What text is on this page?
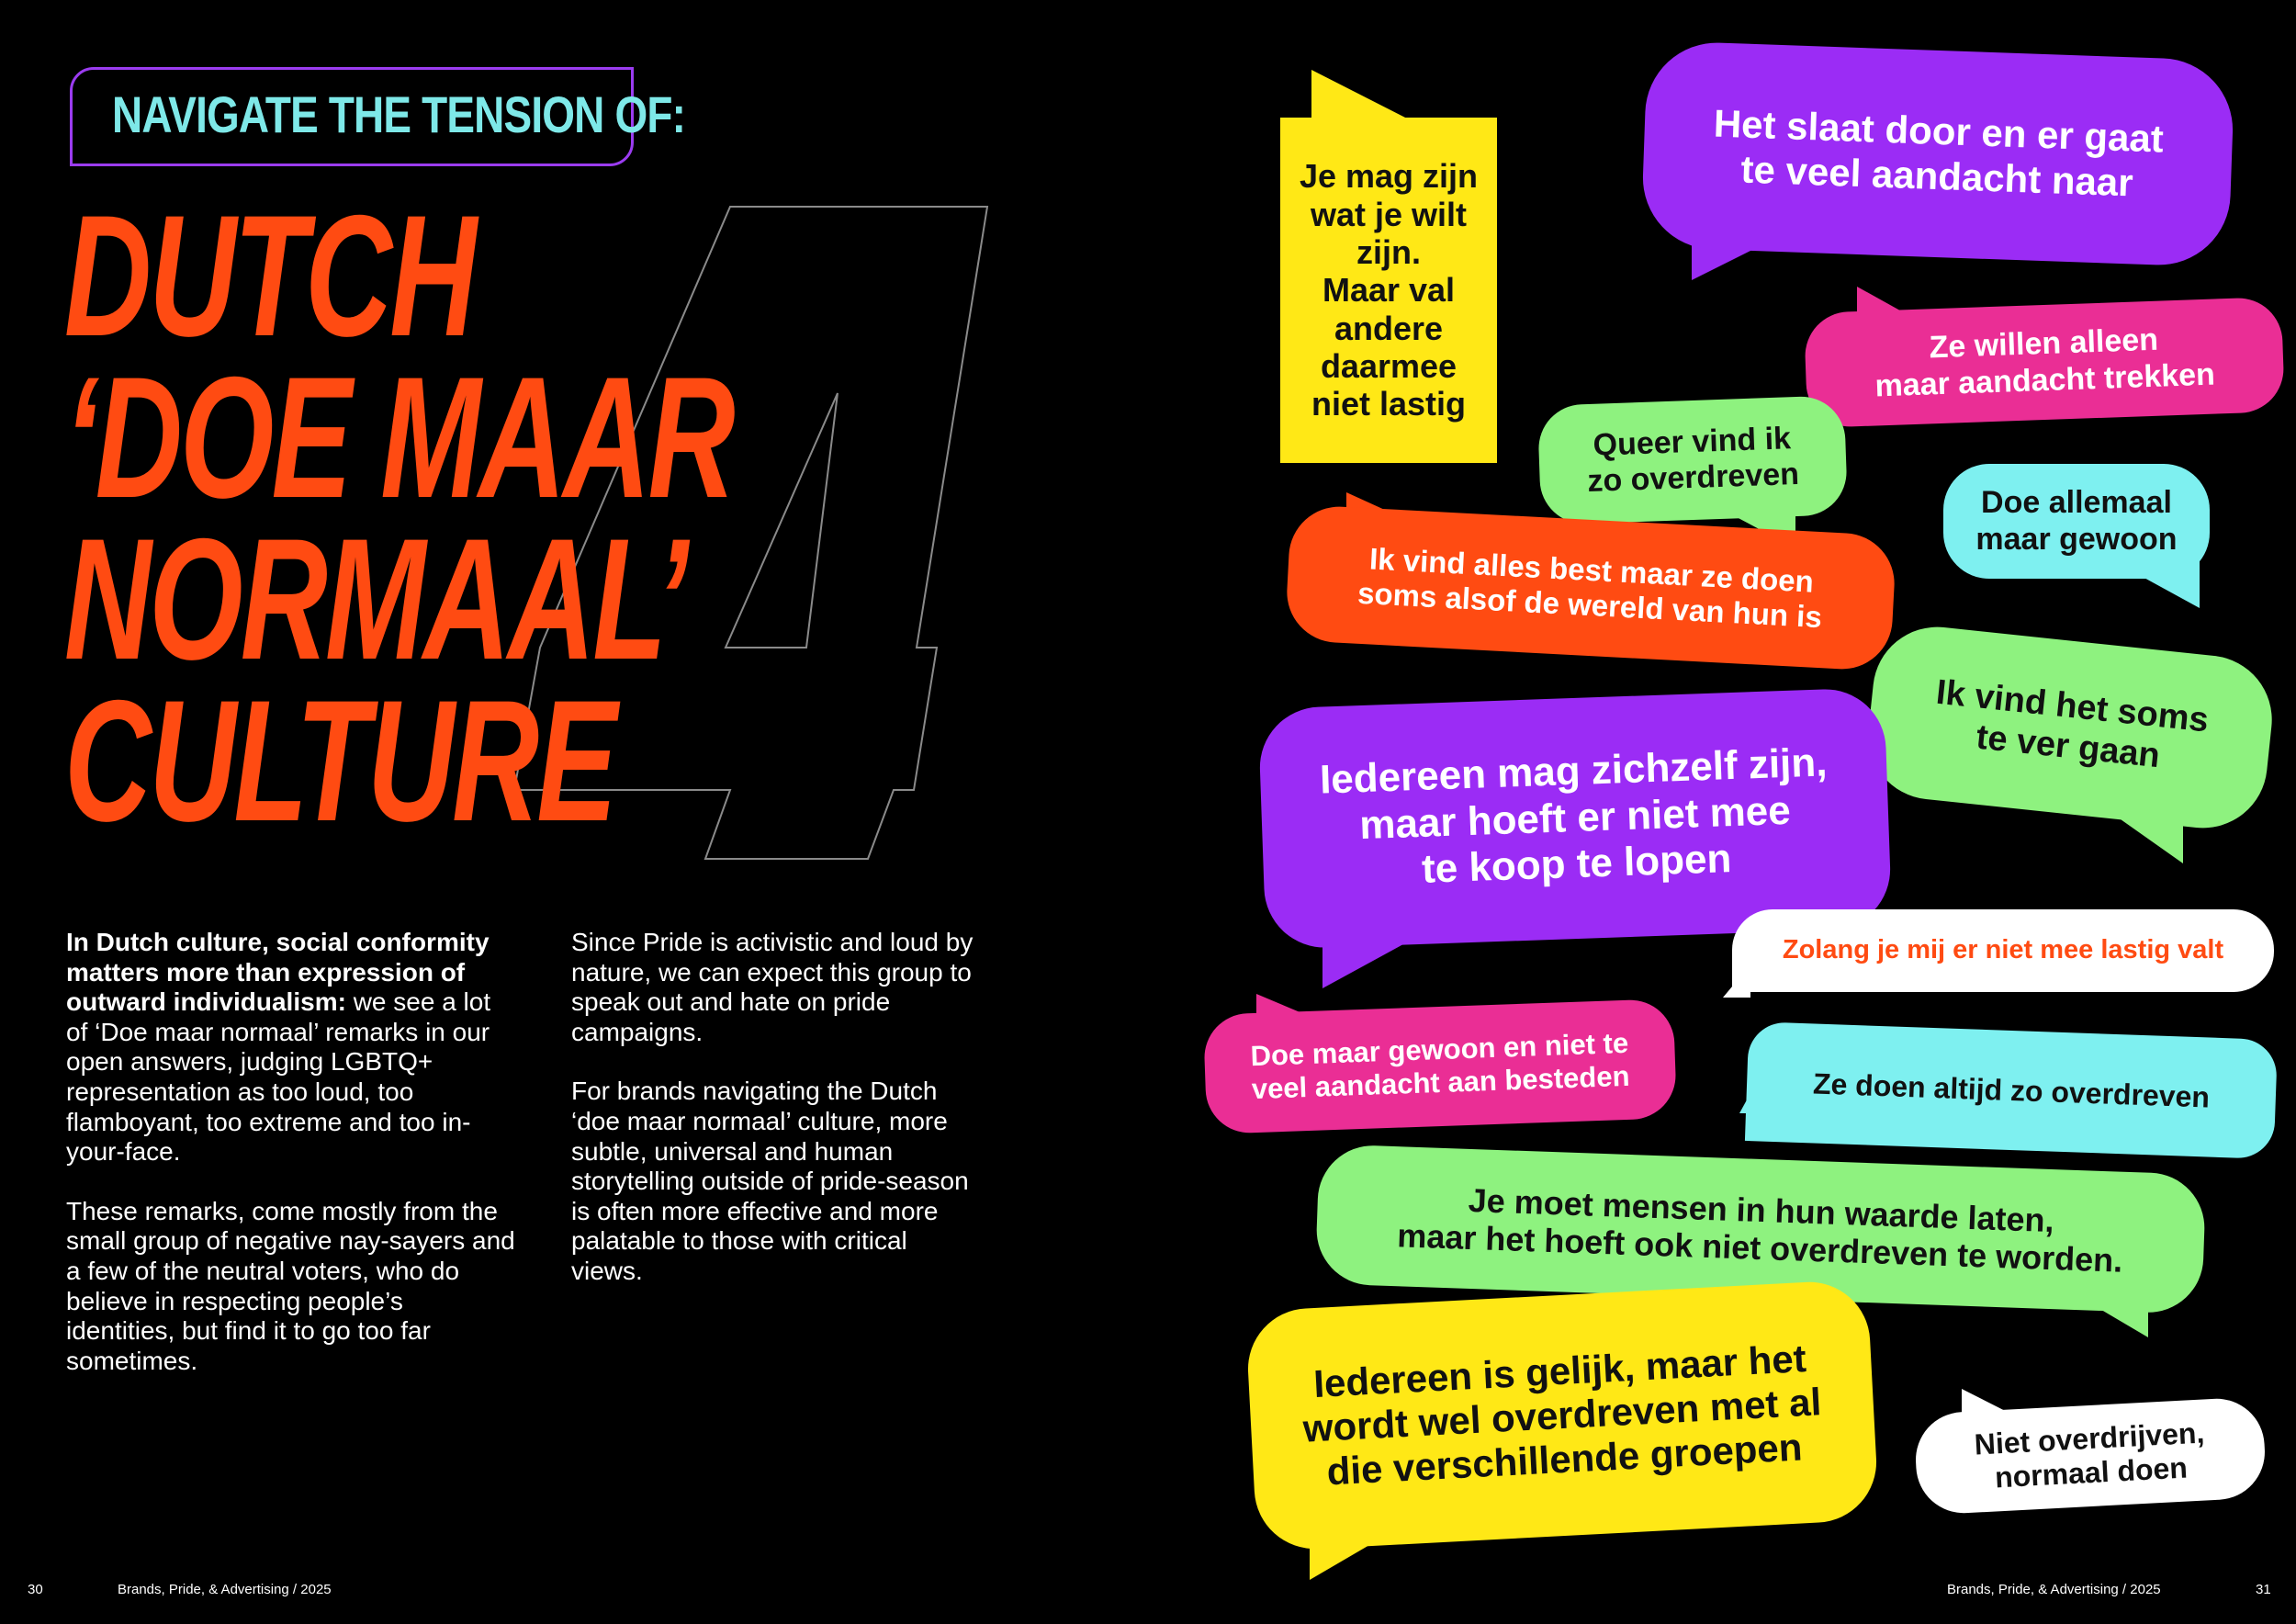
NAVIGATE THE TENSION OF:
DUTCH
‘DOE MAAR
NORMAAL’
CULTURE

In Dutch culture, social conformity matters more than expression of outward individualism: we see a lot of ‘Doe maar normaal’ remarks in our open answers, judging LGBTQ+ representation as too loud, too flamboyant, too extreme and too in-your-face.

These remarks, come mostly from the small group of negative nay-sayers and a few of the neutral voters, who do believe in respecting people’s identities, but find it to go too far sometimes.

Since Pride is activistic and loud by nature, we can expect this group to speak out and hate on pride campaigns.

For brands navigating the Dutch ‘doe maar normaal’ culture, more subtle, universal and human storytelling outside of pride-season is often more effective and more palatable to those with critical views.

30	Brands, Pride, & Advertising / 2025
Je mag zijn
wat je wilt
zijn.
Maar val
andere
daarmee
niet lastig
Het slaat door en er gaat
te veel aandacht naar
Ze willen alleen
maar aandacht trekken
Queer vind ik
zo overdreven
Doe allemaal
maar gewoon
Ik vind alles best maar ze doen
soms alsof de wereld van hun is
Ik vind het soms
te ver gaan
Iedereen mag zichzelf zijn,
maar hoeft er niet mee
te koop te lopen
Zolang je mij er niet mee lastig valt
Doe maar gewoon en niet te
veel aandacht aan besteden	Ze doen altijd zo overdreven
Je moet mensen in hun waarde laten,
maar het hoeft ook niet overdreven te worden.
Iedereen is gelijk, maar het
wordt wel overdreven met al
die verschillende groepen	Niet overdrijven,
normaal doen
Brands, Pride, & Advertising / 2025	31
